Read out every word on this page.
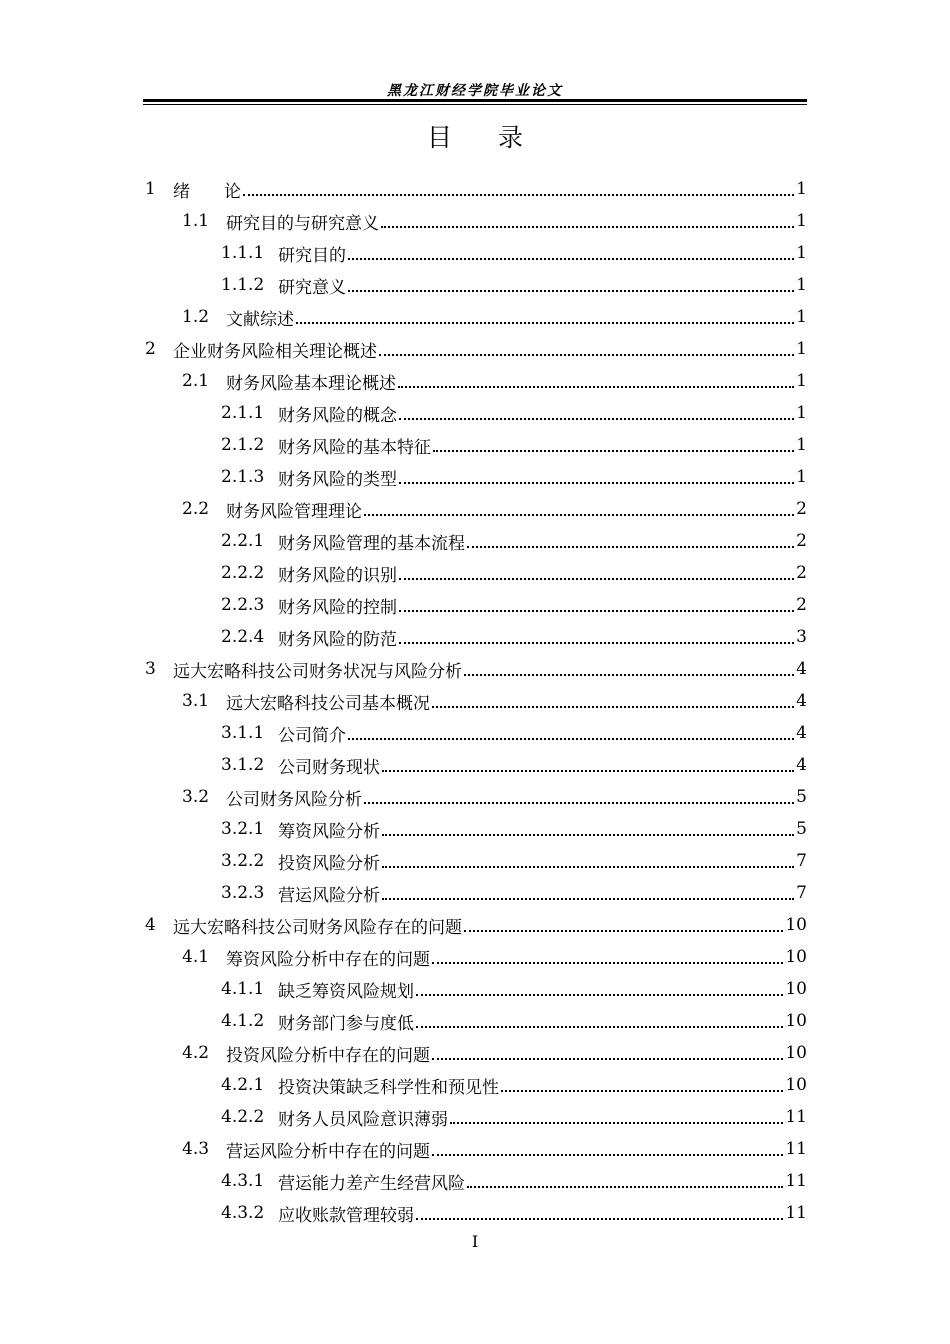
黑龙江财经学院毕业论文
目录
1	绪　　论	1
1.1 研究目的与研究意义	1
1.1.1 研究目的	1
1.1.2 研究意义	1
1.2 文献综述	1
2	企业财务风险相关理论概述	1
2.1 财务风险基本理论概述	1
2.1.1 财务风险的概念	1
2.1.2 财务风险的基本特征	1
2.1.3 财务风险的类型	1
2.2 财务风险管理理论	2
2.2.1 财务风险管理的基本流程	2
2.2.2 财务风险的识别	2
2.2.3 财务风险的控制	2
2.2.4 财务风险的防范	3
3	远大宏略科技公司财务状况与风险分析	4
3.1 远大宏略科技公司基本概况	4
3.1.1 公司简介	4
3.1.2 公司财务现状	4
3.2 公司财务风险分析	5
3.2.1 筹资风险分析	5
3.2.2 投资风险分析	7
3.2.3 营运风险分析	7
4	远大宏略科技公司财务风险存在的问题	10
4.1 筹资风险分析中存在的问题	10
4.1.1 缺乏筹资风险规划	10
4.1.2 财务部门参与度低	10
4.2 投资风险分析中存在的问题	10
4.2.1 投资决策缺乏科学性和预见性	10
4.2.2 财务人员风险意识薄弱	11
4.3 营运风险分析中存在的问题	11
4.3.1 营运能力差产生经营风险	11
4.3.2 应收账款管理较弱	11
I
